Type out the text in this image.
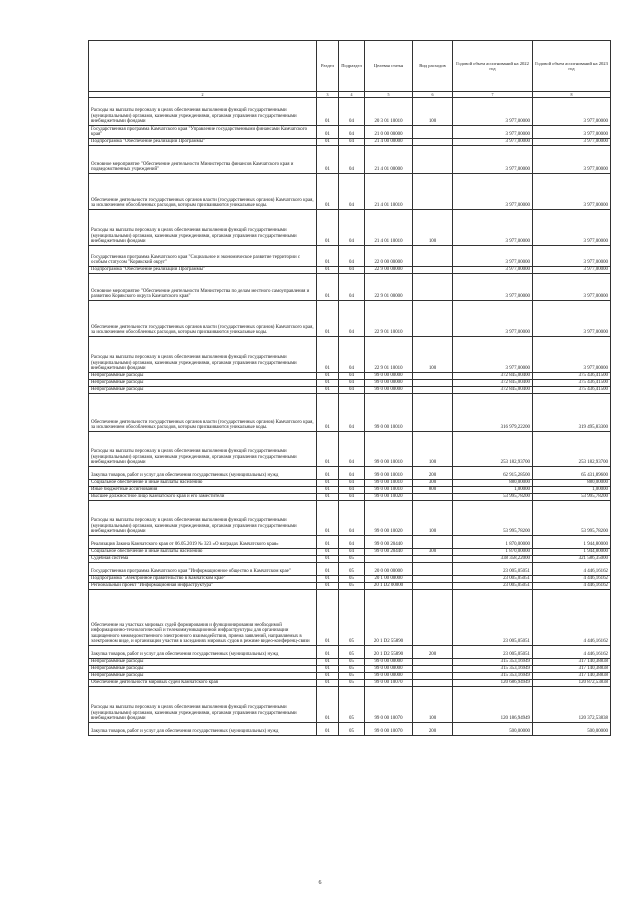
	Раздел	Подраздел	Целевая статья	Вид расходов	Годовой объем ассигнований на 2022 год	Годовой объем ассигнований на 2023 год
2	3	4	5	6	7	8
Расходы на выплаты персоналу в целях обеспечения выполнения функций государственными (муниципальными) органами, казенными учреждениями, органами управления государственными внебюджетными фондами	01	04	20 3 01 10010	100	3 977,00000	3 977,00000
Государственная программа Камчатского края "Управление государственными финансами Камчатского края"	01	04	21 0 00 00000		3 977,00000	3 977,00000
Подпрограмма "Обеспечение реализации Программы"	01	04	21 4 00 00000		3 977,00000	3 977,00000
Основное мероприятие "Обеспечение деятельности Министерства финансов Камчатского края и подведомственных учреждений"	01	04	21 4 01 00000		3 977,00000	3 977,00000
Обеспечение деятельности государственных органов власти (государственных органов) Камчатского края, за исключением обособленных расходов, которым присваиваются уникальные коды.	01	04	21 4 01 10010		3 977,00000	3 977,00000
Расходы на выплаты персоналу в целях обеспечения выполнения функций государственными (муниципальными) органами, казенными учреждениями, органами управления государственными внебюджетными фондами	01	04	21 4 01 10010	100	3 977,00000	3 977,00000
Государственная программа Камчатского края "Социальное и экономическое развитие территории с особым статусом "Корякский округ"	01	04	22 0 00 00000		3 977,00000	3 977,00000
Подпрограмма "Обеспечение реализации Программы"	01	04	22 9 00 00000		3 977,00000	3 977,00000
Основное мероприятие "Обеспечение деятельности Министерства по делам местного самоуправления и развитию Корякского округа Камчатского края"	01	04	22 9 01 00000		3 977,00000	3 977,00000
Обеспечение деятельности государственных органов власти (государственных органов) Камчатского края, за исключением обособленных расходов, которым присваиваются уникальные коды.	01	04	22 9 01 10010		3 977,00000	3 977,00000
Расходы на выплаты персоналу в целях обеспечения выполнения функций государственными (муниципальными) органами, казенными учреждениями, органами управления государственными внебюджетными фондами	01	04	22 9 01 10010	100	3 977,00000	3 977,00000
Непрограммные расходы	01	04	99 0 00 00000		372 845,00400	375 436,41500
Непрограммные расходы	01	04	99 0 00 00000		372 845,00400	375 436,41500
Непрограммные расходы	01	04	99 0 00 00000		372 845,00400	375 436,41500
Обеспечение деятельности государственных органов власти (государственных органов) Камчатского края, за исключением обособленных расходов, которым присваиваются уникальные коды.	01	04	99 0 00 10010		316 979,22200	319 495,83300
Расходы на выплаты персоналу в целях обеспечения выполнения функций государственными (муниципальными) органами, казенными учреждениями, органами управления государственными внебюджетными фондами	01	04	99 0 00 10010	100	253 182,93700	253 182,93700
Закупка товаров, работ и услуг для обеспечения государственных (муниципальных) нужд	01	04	99 0 00 10010	200	62 915,28500	65 431,89600
Социальное обеспечение и иные выплаты населению	01	04	99 0 00 10010	300	880,00000	880,00000
Иные бюджетные ассигнования	01	04	99 0 00 10010	800	1,00000	1,00000
Высшее должностное лицо Камчатского края и его заместители	01	04	99 0 00 10020		53 995,78200	53 995,78200
Расходы на выплаты персоналу в целях обеспечения выполнения функций государственными (муниципальными) органами, казенными учреждениями, органами управления государственными внебюджетными фондами	01	04	99 0 00 10020	100	53 995,78200	53 995,78200
Реализация Закона Камчатского края от 06.05.2019 № 323 «О наградах Камчатского края»	01	04	99 0 00 20440		1 870,00000	1 944,80000
Социальное обеспечение и иные выплаты населению	01	04	99 0 00 20440	300	1 870,00000	1 944,80000
Судебная система	01	05			338 358,22000	321 586,35000
Государственная программа Камчатского края "Информационное общество в Камчатском крае"	01	05	20 0 00 00000		23 005,05051	4 446,16162
Подпрограмма "Электронное правительство в Камчатском крае"	01	05	20 1 00 00000		23 005,05051	4 446,16162
Региональный проект "Информационная инфраструктура"	01	05	20 1 D2 00000		23 005,05051	4 446,16162
Обеспечение на участках мировых судей формирования и функционирования необходимой информационно-технологической и телекоммуникационной инфраструктуры для организации защищенного межведомственного электронного взаимодействия, приема заявлений, направляемых в электронном виде, и организации участия в заседаниях мировых судов в режиме видео-конференц-связи	01	05	20 1 D2 55890		23 005,05051	4 446,16162
Закупка товаров, работ и услуг для обеспечения государственных (муниципальных) нужд	01	05	20 1 D2 55890	200	23 005,05051	4 446,16162
Непрограммные расходы	01	05	99 0 00 00000		315 353,16949	317 140,38838
Непрограммные расходы	01	05	99 0 00 00000		315 353,16949	317 140,38838
Непрограммные расходы	01	05	99 0 00 00000		315 353,16949	317 140,38838
Обеспечение деятельности мировых судей Камчатского края	01	05	99 0 00 10070		120 686,94949	120 872,53838
Расходы на выплаты персоналу в целях обеспечения выполнения функций государственными (муниципальными) органами, казенными учреждениями, органами управления государственными внебюджетными фондами	01	05	99 0 00 10070	100	120 186,94949	120 372,53838
Закупка товаров, работ и услуг для обеспечения государственных (муниципальных) нужд	01	05	99 0 00 10070	200	500,00000	500,00000
6
